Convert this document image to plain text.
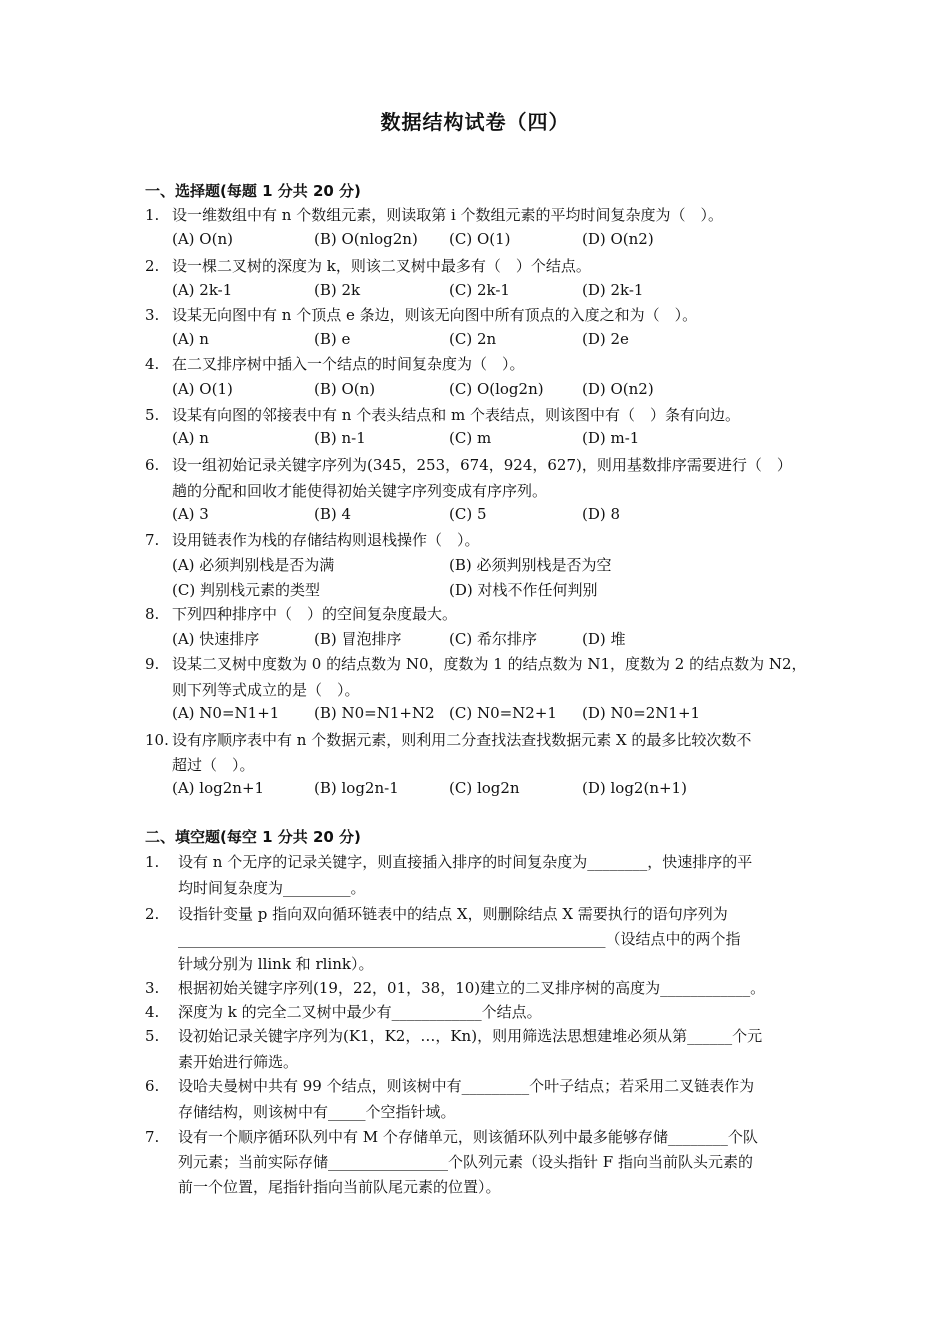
数据结构试卷（四）
一、选择题(每题 1 分共 20 分)
1. 设一维数组中有 n 个数组元素，则读取第 i 个数组元素的平均时间复杂度为（　）。
(A) O(n)	(B) O(nlog2n) (C) O(1)	(D) O(n2)
2. 设一棵二叉树的深度为 k，则该二叉树中最多有（　）个结点。
(A) 2k-1	(B) 2k	(C) 2k-1	(D) 2k-1
3. 设某无向图中有 n 个顶点 e 条边，则该无向图中所有顶点的入度之和为（　）。
(A) n	(B) e	(C) 2n	(D) 2e
4. 在二叉排序树中插入一个结点的时间复杂度为（　）。
(A) O(1)	(B) O(n)	(C) O(log2n)	(D) O(n2)
5. 设某有向图的邻接表中有 n 个表头结点和 m 个表结点，则该图中有（　）条有向边。
(A) n	(B) n-1	(C) m	(D) m-1
6. 设一组初始记录关键字序列为(345，253，674，924，627)，则用基数排序需要进行（　）
趟的分配和回收才能使得初始关键字序列变成有序序列。
(A) 3	(B) 4	(C) 5	(D) 8
7. 设用链表作为栈的存储结构则退栈操作（　）。
(A) 必须判别栈是否为满	(B) 必须判别栈是否为空
(C) 判别栈元素的类型	(D) 对栈不作任何判别
8. 下列四种排序中（　）的空间复杂度最大。
(A) 快速排序	(B) 冒泡排序	(C) 希尔排序	(D) 堆
9. 设某二叉树中度数为 0 的结点数为 N0，度数为 1 的结点数为 N1，度数为 2 的结点数为 N2，
则下列等式成立的是（　）。
(A) N0=N1+1 (B) N0=N1+N2 (C) N0=N2+1 (D) N0=2N1+1
10. 设有序顺序表中有 n 个数据元素，则利用二分查找法查找数据元素 X 的最多比较次数不
超过（　）。
(A) log2n+1	(B) log2n-1	(C) log2n	(D) log2(n+1)
二、填空题(每空 1 分共 20 分)
1. 设有 n 个无序的记录关键字，则直接插入排序的时间复杂度为________，快速排序的平
均时间复杂度为_________。
2. 设指针变量 p 指向双向循环链表中的结点 X，则删除结点 X 需要执行的语句序列为
_________________________________________________________（设结点中的两个指
针域分别为 llink 和 rlink）。
3. 根据初始关键字序列(19，22，01，38，10)建立的二叉排序树的高度为____________。
4. 深度为 k 的完全二叉树中最少有____________个结点。
5. 设初始记录关键字序列为(K1，K2，…，Kn)，则用筛选法思想建堆必须从第______个元
素开始进行筛选。
6. 设哈夫曼树中共有 99 个结点，则该树中有_________个叶子结点；若采用二叉链表作为
存储结构，则该树中有_____个空指针域。
7. 设有一个顺序循环队列中有 M 个存储单元，则该循环队列中最多能够存储________个队
列元素；当前实际存储________________个队列元素（设头指针 F 指向当前队头元素的
前一个位置，尾指针指向当前队尾元素的位置）。
